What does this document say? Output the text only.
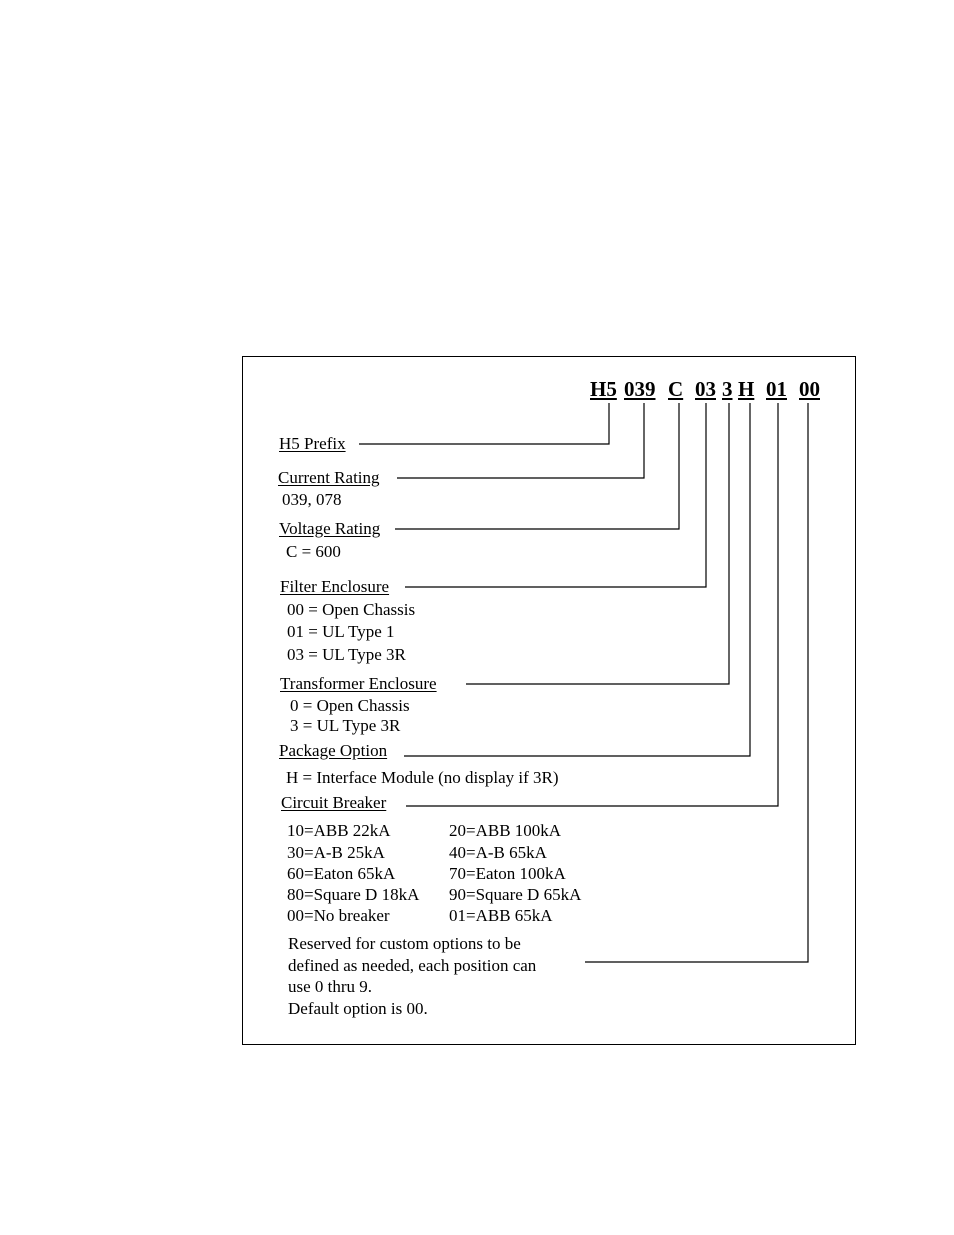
H5 039 C 03 3 H 01 00
H5 Prefix
Current Rating
039, 078
Voltage Rating
C = 600
Filter Enclosure
00 = Open Chassis
01 = UL Type 1
03 = UL Type 3R
Transformer Enclosure
0 = Open Chassis
3 = UL Type 3R
Package Option
H = Interface Module (no display if 3R)
Circuit Breaker
10=ABB 22kA
30=A-B 25kA
60=Eaton 65kA
80=Square D 18kA
00=No breaker
20=ABB 100kA
40=A-B 65kA
70=Eaton 100kA
90=Square D 65kA
01=ABB 65kA
Reserved for custom options to be
defined as needed, each position can
use 0 thru 9.
Default option is 00.
